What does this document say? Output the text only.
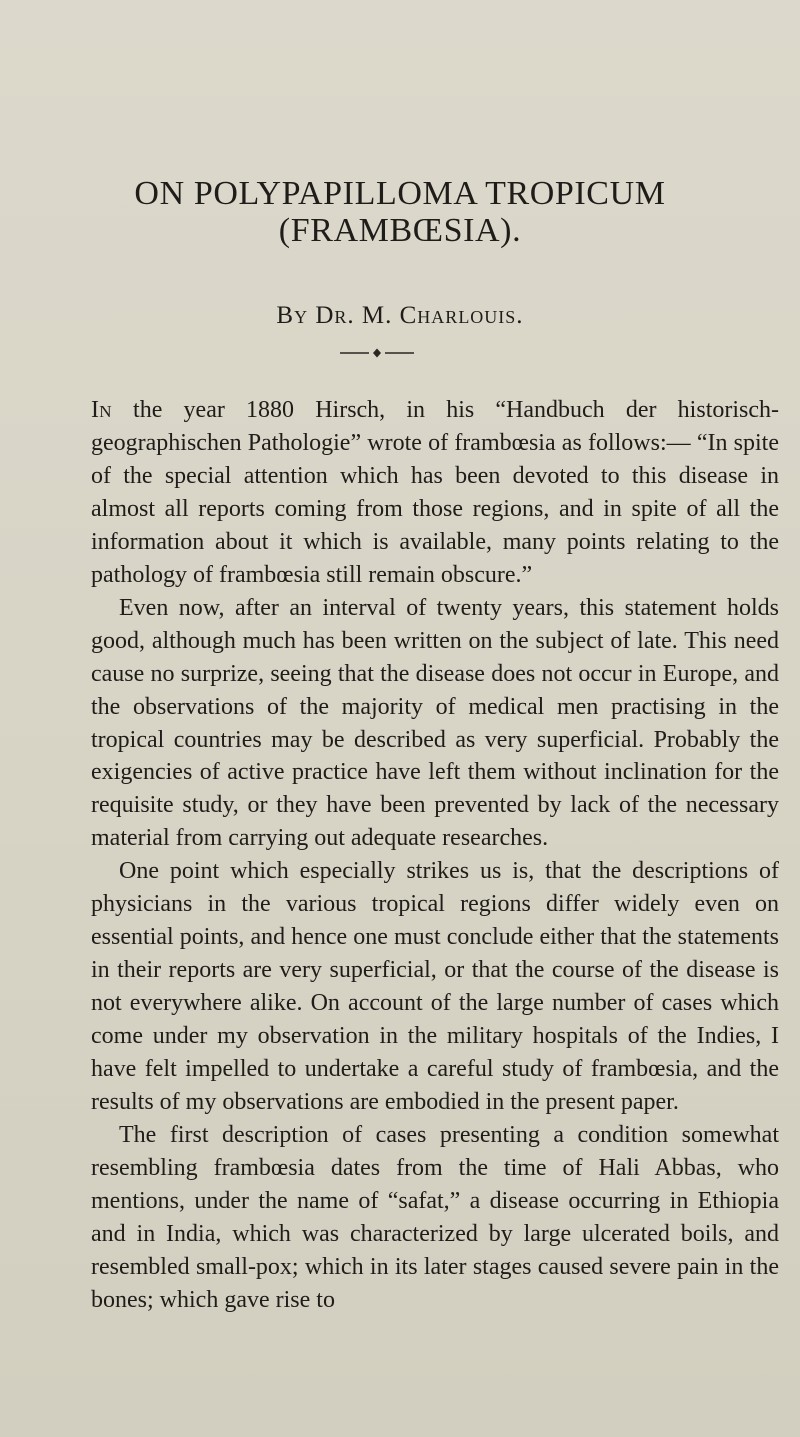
ON POLYPAPILLOMA TROPICUM
(FRAMBŒSIA).
By Dr. M. Charlouis.

In the year 1880 Hirsch, in his “Handbuch der historisch-geographischen Pathologie” wrote of frambœsia as follows:— “In spite of the special attention which has been devoted to this disease in almost all reports coming from those regions, and in spite of all the information about it which is available, many points relating to the pathology of frambœsia still remain obscure.”

Even now, after an interval of twenty years, this statement holds good, although much has been written on the subject of late. This need cause no surprize, seeing that the disease does not occur in Europe, and the observations of the majority of medical men practising in the tropical countries may be described as very superficial. Probably the exigencies of active practice have left them without inclination for the requisite study, or they have been prevented by lack of the necessary material from carrying out adequate researches.

One point which especially strikes us is, that the descriptions of physicians in the various tropical regions differ widely even on essential points, and hence one must conclude either that the statements in their reports are very superficial, or that the course of the disease is not everywhere alike. On account of the large number of cases which come under my observation in the military hospitals of the Indies, I have felt impelled to undertake a careful study of frambœsia, and the results of my observations are embodied in the present paper.

The first description of cases presenting a condition somewhat resembling frambœsia dates from the time of Hali Abbas, who mentions, under the name of “safat,” a disease occurring in Ethiopia and in India, which was characterized by large ulcerated boils, and resembled small-pox; which in its later stages caused severe pain in the bones; which gave rise to
